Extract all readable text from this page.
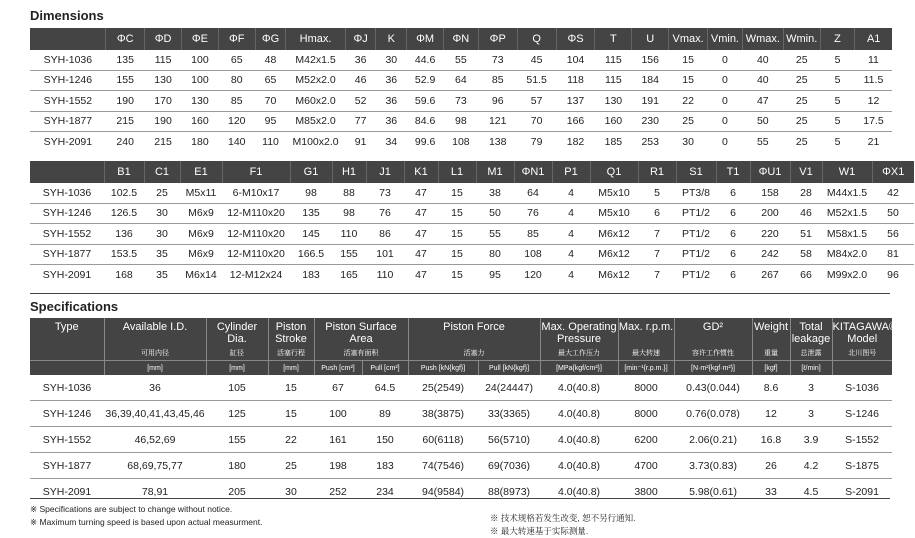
Dimensions
	ΦC	ΦD	ΦE	ΦF	ΦG	Hmax.	ΦJ	K	ΦM	ΦN	ΦP	Q	ΦS	T	U	Vmax.	Vmin.	Wmax.	Wmin.	Z	A1
SYH-1036	135	115	100	65	48	M42x1.5	36	30	44.6	55	73	45	104	115	156	15	0	40	25	5	11
SYH-1246	155	130	100	80	65	M52x2.0	46	36	52.9	64	85	51.5	118	115	184	15	0	40	25	5	11.5
SYH-1552	190	170	130	85	70	M60x2.0	52	36	59.6	73	96	57	137	130	191	22	0	47	25	5	12
SYH-1877	215	190	160	120	95	M85x2.0	77	36	84.6	98	121	70	166	160	230	25	0	50	25	5	17.5
SYH-2091	240	215	180	140	110	M100x2.0	91	34	99.6	108	138	79	182	185	253	30	0	55	25	5	21
	B1	C1	E1	F1	G1	H1	J1	K1	L1	M1	ΦN1	P1	Q1	R1	S1	T1	ΦU1	V1	W1	ΦX1
SYH-1036	102.5	25	M5x11	6-M10x17	98	88	73	47	15	38	64	4	M5x10	5	PT3/8	6	158	28	M44x1.5	42
SYH-1246	126.5	30	M6x9	12-M110x20	135	98	76	47	15	50	76	4	M5x10	6	PT1/2	6	200	46	M52x1.5	50
SYH-1552	136	30	M6x9	12-M110x20	145	110	86	47	15	55	85	4	M6x12	7	PT1/2	6	220	51	M58x1.5	56
SYH-1877	153.5	35	M6x9	12-M110x20	166.5	155	101	47	15	80	108	4	M6x12	7	PT1/2	6	242	58	M84x2.0	81
SYH-2091	168	35	M6x14	12-M12x24	183	165	110	47	15	95	120	4	M6x12	7	PT1/2	6	267	66	M99x2.0	96
Specifications
Type	Available I.D.	Cylinder Dia.	Piston Stroke	Piston Surface Area		Piston Force		Max. Operating Pressure	Max. r.p.m.	GD²	Weight	Total leakage	KITAGAWA® Model
	可用内径	缸径	活塞行程	活塞有面积		活塞力		最大工作压力	最大转速	容许工作惯性	重量	总泄露	北川图号
	[mm]	[mm]	[mm]	Push [cm²]	Pull [cm²]	Push [kN{kgf}]	Pull [kN{kgf}]	[MPa{kgf/cm²}]	[min⁻¹{r.p.m.}]	[N·m²{kgf·m²}]	[kgf]	[ℓ/min]	
SYH-1036	36	105	15	67	64.5	25(2549)	24(24447)	4.0(40.8)	8000	0.43(0.044)	8.6	3	S-1036
SYH-1246	36,39,40,41,43,45,46	125	15	100	89	38(3875)	33(3365)	4.0(40.8)	8000	0.76(0.078)	12	3	S-1246
SYH-1552	46,52,69	155	22	161	150	60(6118)	56(5710)	4.0(40.8)	6200	2.06(0.21)	16.8	3.9	S-1552
SYH-1877	68,69,75,77	180	25	198	183	74(7546)	69(7036)	4.0(40.8)	4700	3.73(0.83)	26	4.2	S-1875
SYH-2091	78,91	205	30	252	234	94(9584)	88(8973)	4.0(40.8)	3800	5.98(0.61)	33	4.5	S-2091
※ Specifications are subject to change without notice.
※ Maximum turning speed is based upon actual measurment.	※ 技术规格若发生改变, 恕不另行通知.
※ 最大转速基于实际测量.
